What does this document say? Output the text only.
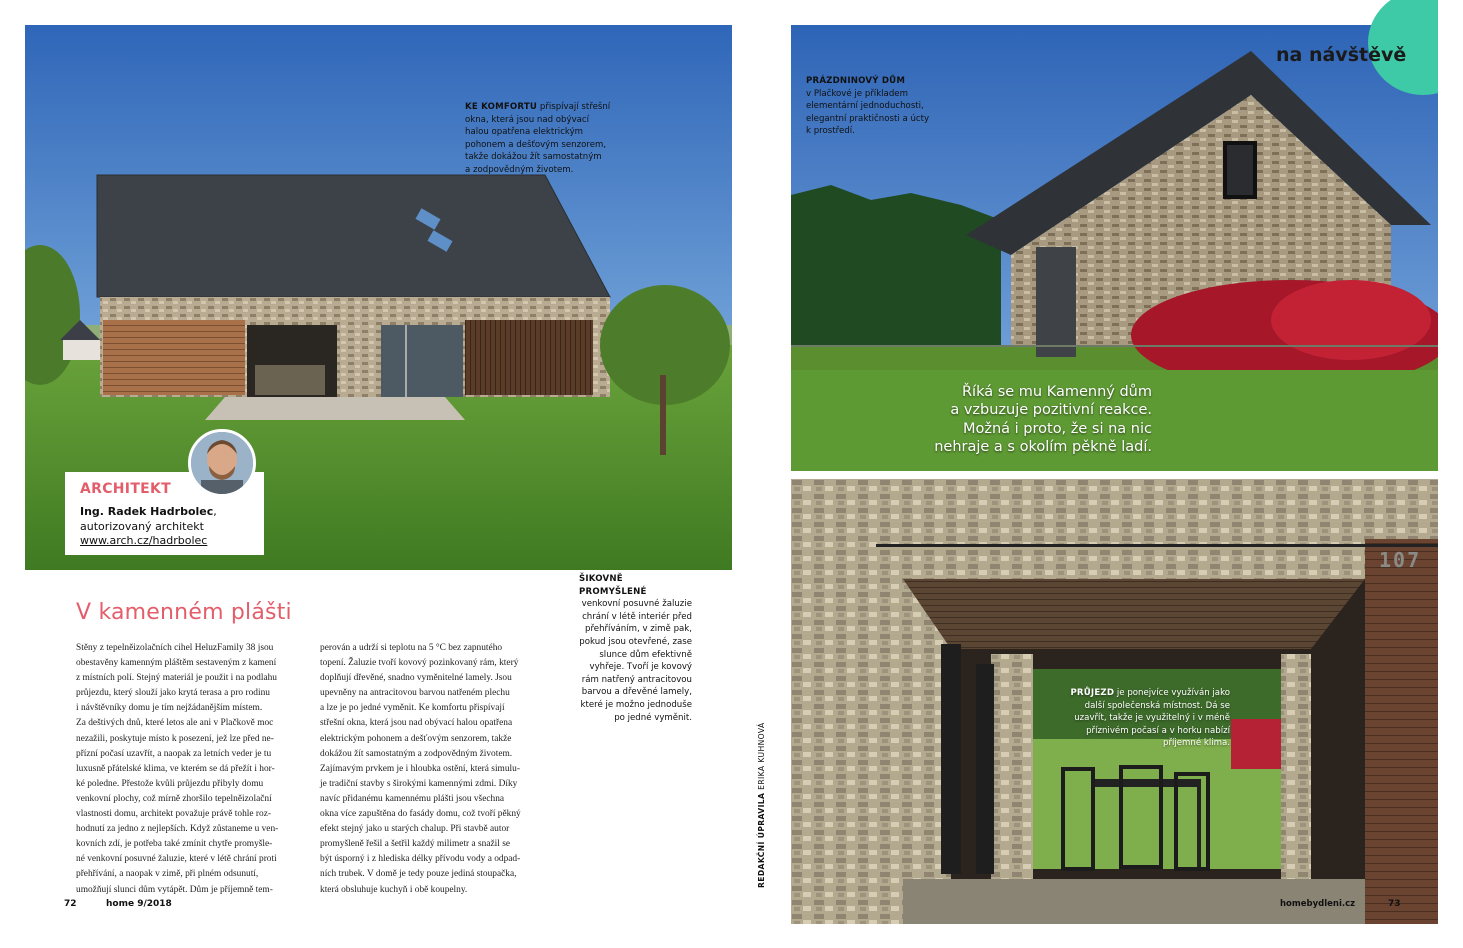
KE KOMFORTU přispívají střešní
okna, která jsou nad obývací
halou opatřena elektrickým
pohonem a dešťovým senzorem,
takže dokážou žít samostatným
a zodpovědným životem.
ARCHITEKT
Ing. Radek Hadrbolec,
autorizovaný architekt
www.arch.cz/hadrbolec
ŠIKOVNĚ PROMYŠLENÉ
venkovní posuvné žaluzie
chrání v létě interiér před
přehříváním, v zimě pak,
pokud jsou otevřené, zase
slunce dům efektivně
vyhřeje. Tvoří je kovový
rám natřený antracitovou
barvou a dřevěné lamely,
které je možno jednoduše
po jedné vyměnit.
V kamenném plášti

Stěny z tepelněizolačních cihel HeluzFamily 38 jsou

obestavěny kamenným pláštěm sestaveným z kamení

z místních polí. Stejný materiál je použit i na podlahu

průjezdu, který slouží jako krytá terasa a pro rodinu

i návštěvníky domu je tím nejžádanějším místem.

Za deštivých dnů, které letos ale ani v Plačkově moc

nezažili, poskytuje místo k posezení, jež lze před ne-

přízní počasí uzavřít, a naopak za letních veder je tu

luxusně přátelské klima, ve kterém se dá přežít i hor-

ké poledne. Přestože kvůli průjezdu přibyly domu

venkovní plochy, což mírně zhoršilo tepelněizolační

vlastnosti domu, architekt považuje právě tohle roz-

hodnutí za jedno z nejlepších. Když zůstaneme u ven-

kovních zdí, je potřeba také zmínit chytře promyšle-

né venkovní posuvné žaluzie, které v létě chrání proti

přehřívání, a naopak v zimě, při plném odsunutí,

umožňují slunci dům vytápět. Dům je příjemně tem-

perován a udrží si teplotu na 5 °C bez zapnutého

topení. Žaluzie tvoří kovový pozinkovaný rám, který

doplňují dřevěné, snadno vyměnitelné lamely. Jsou

upevněny na antracitovou barvou natřeném plechu

a lze je po jedné vyměnit. Ke komfortu přispívají

střešní okna, která jsou nad obývací halou opatřena

elektrickým pohonem a dešťovým senzorem, takže

dokážou žít samostatným a zodpovědným životem.

Zajímavým prvkem je i hloubka ostění, která simulu-

je tradiční stavby s širokými kamennými zdmi. Díky

navíc přidanému kamennému plášti jsou všechna

okna více zapuštěna do fasády domu, což tvoří pěkný

efekt stejný jako u starých chalup. Při stavbě autor

promyšleně řešil a šetřil každý milimetr a snažil se

být úsporný i z hlediska délky přívodu vody a odpad-

ních trubek. V domě je tedy pouze jediná stoupačka,

která obsluhuje kuchyň i obě koupelny.

72	home 9/2018
REDAKČNÍ ÚPRAVILA ERIKA KUHNOVÁ
na návštěvě
PRÁZDNINOVÝ DŮM
v Plačkové je příkladem
elementární jednoduchosti,
elegantní praktičnosti a úcty
k prostředí.
Říká se mu Kamenný dům
a vzbuzuje pozitivní reakce.
Možná i proto, že si na nic
nehraje a s okolím pěkně ladí.
107
PRŮJEZD je ponejvíce využíván jako
další společenská místnost. Dá se
uzavřít, takže je využitelný i v méně
příznivém počasí a v horku nabízí
příjemné klima.
homebydleni.cz	73
